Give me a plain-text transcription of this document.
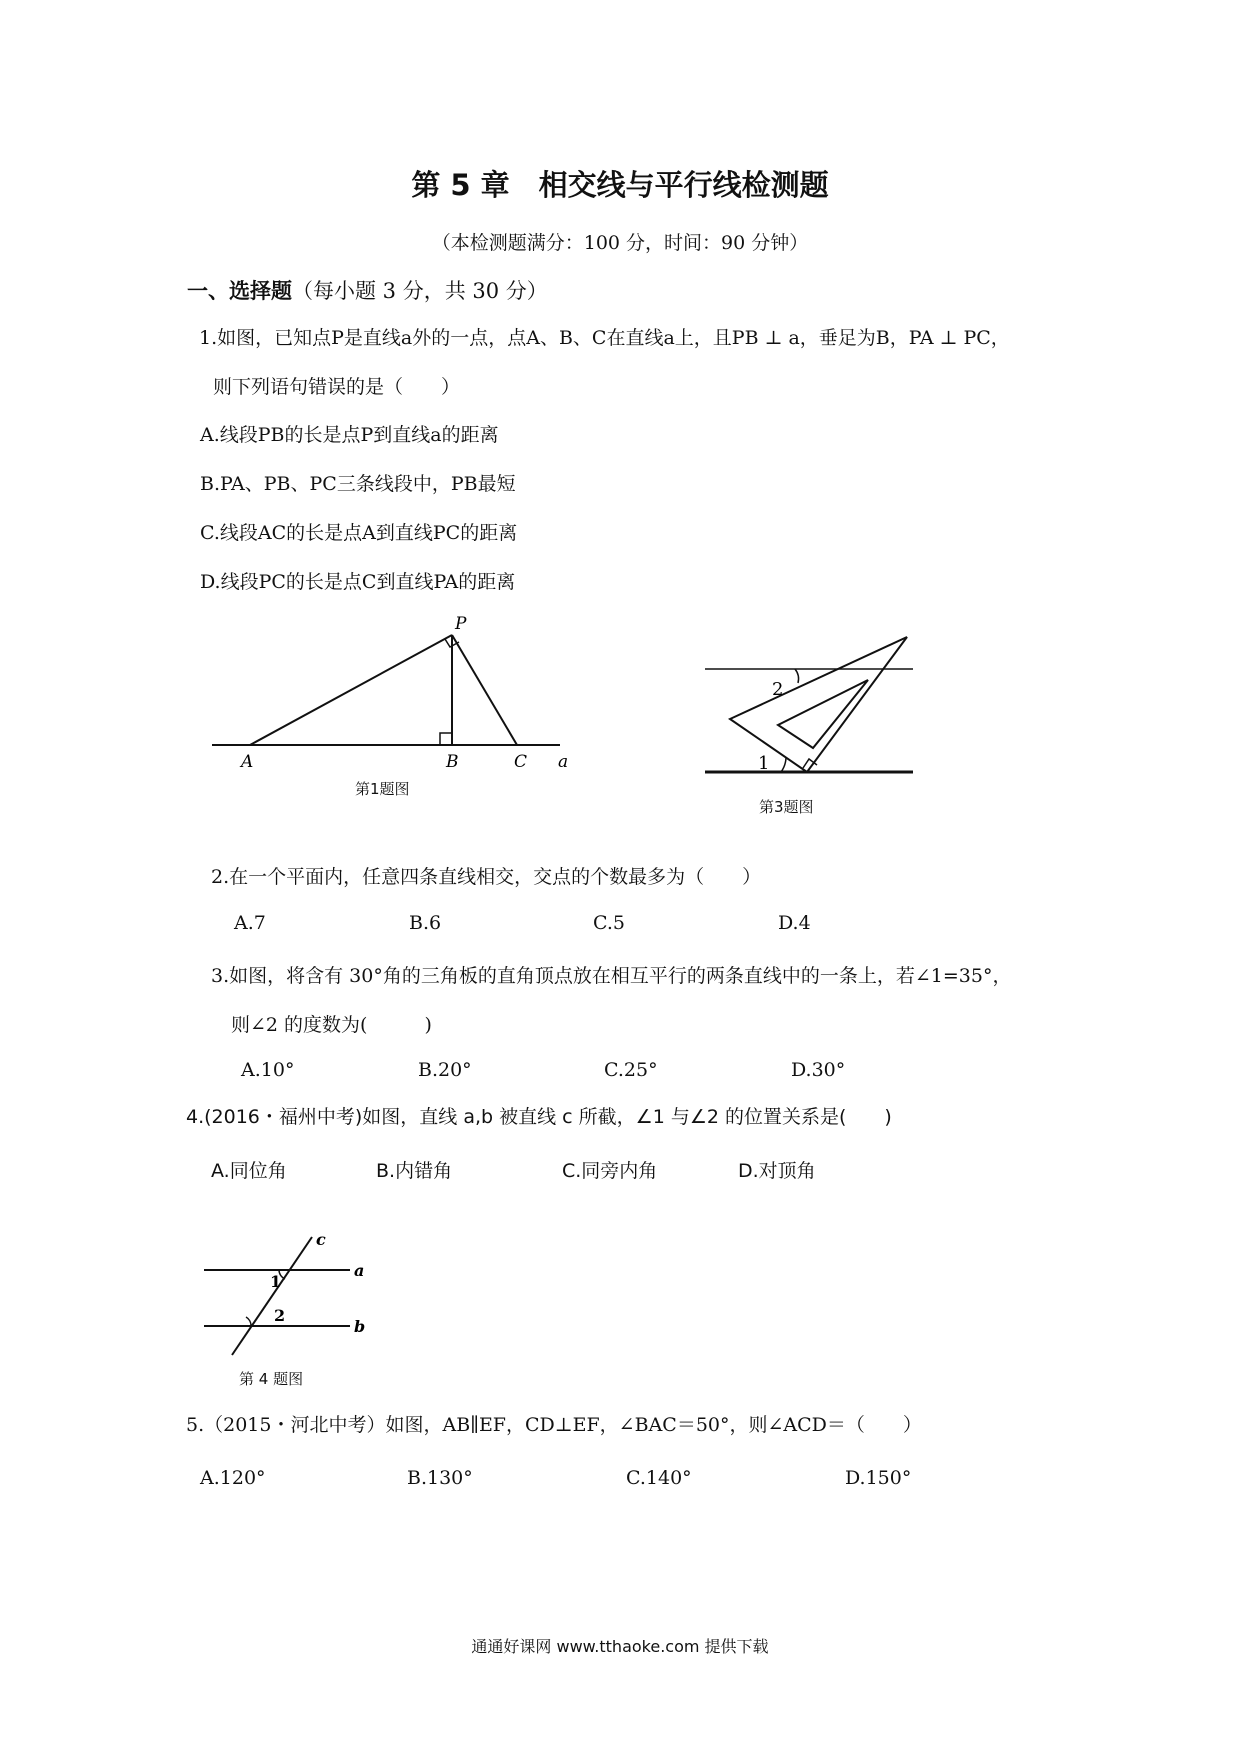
第 5 章　相交线与平行线检测题
（本检测题满分：100 分，时间：90 分钟）
一、选择题（每小题 3 分，共 30 分）
1.如图，已知点P是直线a外的一点，点A、B、C在直线a上，且PB ⊥ a，垂足为B，PA ⊥ PC，
则下列语句错误的是（　　）
A.线段PB的长是点P到直线a的距离
B.PA、PB、PC三条线段中，PB最短
C.线段AC的长是点A到直线PC的距离
D.线段PC的长是点C到直线PA的距离
P
A	B	C a
第1题图
1
2
第3题图
2.在一个平面内，任意四条直线相交，交点的个数最多为（　　）
A.7	B.6	C.5	D.4
3.如图，将含有 30°角的三角板的直角顶点放在相互平行的两条直线中的一条上，若∠1=35°，
则∠2 的度数为(　　　)
A.10°	B.20°	C.25°	D.30°
4.(2016・福州中考)如图，直线 a,b 被直线 c 所截，∠1 与∠2 的位置关系是(　　)
A.同位角	B.内错角	C.同旁内角	D.对顶角
c
a
b
1
2
第 4 题图
5.（2015・河北中考）如图，AB∥EF，CD⊥EF，∠BAC＝50°，则∠ACD＝（　　）
A.120°	B.130°	C.140°	D.150°
通通好课网 www.tthaoke.com 提供下载
